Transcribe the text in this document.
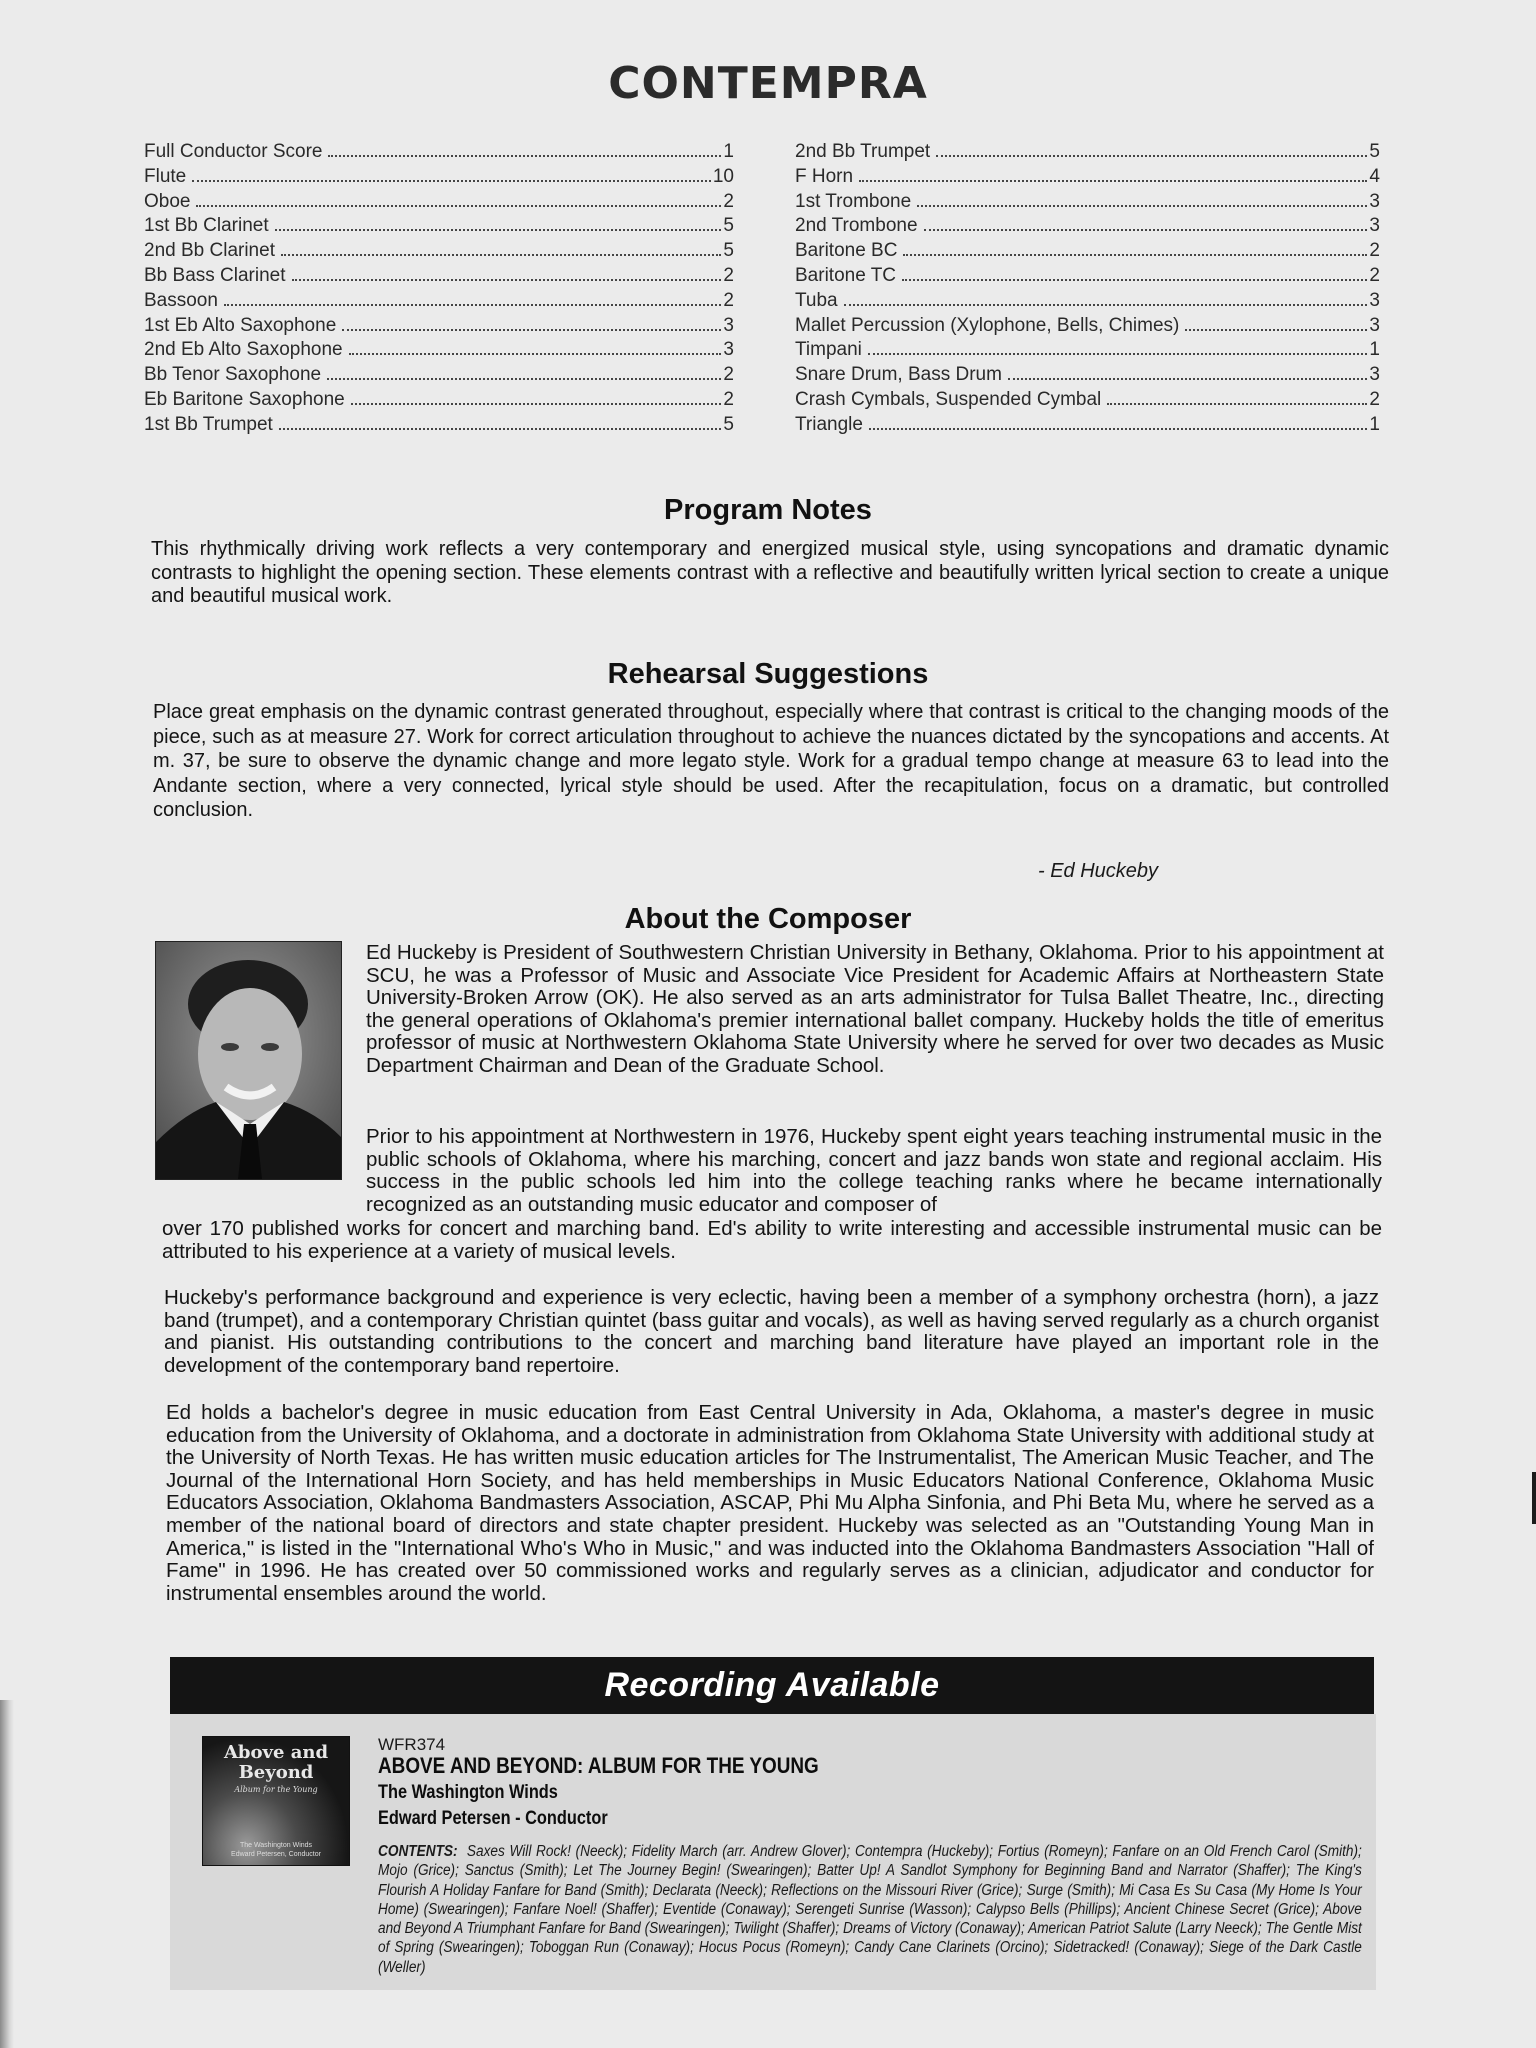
CONTEMPRA
Full Conductor Score	1
Flute	10
Oboe	2
1st Bb Clarinet	5
2nd Bb Clarinet	5
Bb Bass Clarinet	2
Bassoon	2
1st Eb Alto Saxophone	3
2nd Eb Alto Saxophone	3
Bb Tenor Saxophone	2
Eb Baritone Saxophone	2
1st Bb Trumpet	5
2nd Bb Trumpet	5
F Horn	4
1st Trombone	3
2nd Trombone	3
Baritone BC	2
Baritone TC	2
Tuba	3
Mallet Percussion (Xylophone, Bells, Chimes)	3
Timpani	1
Snare Drum, Bass Drum	3
Crash Cymbals, Suspended Cymbal	2
Triangle	1
Program Notes

This rhythmically driving work reflects a very contemporary and energized musical style, using syncopations and dramatic dynamic contrasts to highlight the opening section. These elements contrast with a reflective and beautifully written lyrical section to create a unique and beautiful musical work.

Rehearsal Suggestions

Place great emphasis on the dynamic contrast generated throughout, especially where that contrast is critical to the changing moods of the piece, such as at measure 27. Work for correct articulation throughout to achieve the nuances dictated by the syncopations and accents. At m. 37, be sure to observe the dynamic change and more legato style. Work for a gradual tempo change at measure 63 to lead into the Andante section, where a very connected, lyrical style should be used. After the recapitulation, focus on a dramatic, but controlled conclusion.

- Ed Huckeby
About the Composer

Ed Huckeby is President of Southwestern Christian University in Bethany, Oklahoma. Prior to his appointment at SCU, he was a Professor of Music and Associate Vice President for Academic Affairs at Northeastern State University-Broken Arrow (OK). He also served as an arts administrator for Tulsa Ballet Theatre, Inc., directing the general operations of Oklahoma's premier international ballet company. Huckeby holds the title of emeritus professor of music at Northwestern Oklahoma State University where he served for over two decades as Music Department Chairman and Dean of the Graduate School.

Prior to his appointment at Northwestern in 1976, Huckeby spent eight years teaching instrumental music in the public schools of Oklahoma, where his marching, concert and jazz bands won state and regional acclaim. His success in the public schools led him into the college teaching ranks where he became internationally recognized as an outstanding music educator and composer of

over 170 published works for concert and marching band. Ed's ability to write interesting and accessible instrumental music can be attributed to his experience at a variety of musical levels.

Huckeby's performance background and experience is very eclectic, having been a member of a symphony orchestra (horn), a jazz band (trumpet), and a contemporary Christian quintet (bass guitar and vocals), as well as having served regularly as a church organist and pianist. His outstanding contributions to the concert and marching band literature have played an important role in the development of the contemporary band repertoire.

Ed holds a bachelor's degree in music education from East Central University in Ada, Oklahoma, a master's degree in music education from the University of Oklahoma, and a doctorate in administration from Oklahoma State University with additional study at the University of North Texas. He has written music education articles for The Instrumentalist, The American Music Teacher, and The Journal of the International Horn Society, and has held memberships in Music Educators National Conference, Oklahoma Music Educators Association, Oklahoma Bandmasters Association, ASCAP, Phi Mu Alpha Sinfonia, and Phi Beta Mu, where he served as a member of the national board of directors and state chapter president. Huckeby was selected as an "Outstanding Young Man in America," is listed in the "International Who's Who in Music," and was inducted into the Oklahoma Bandmasters Association "Hall of Fame" in 1996. He has created over 50 commissioned works and regularly serves as a clinician, adjudicator and conductor for instrumental ensembles around the world.

Recording Available
Above and
Beyond
Album for the Young
The Washington Winds
Edward Petersen, Conductor
WFR374
ABOVE AND BEYOND: ALBUM FOR THE YOUNG
The Washington Winds
Edward Petersen - Conductor
CONTENTS: Saxes Will Rock! (Neeck); Fidelity March (arr. Andrew Glover); Contempra (Huckeby); Fortius (Romeyn); Fanfare on an Old French Carol (Smith); Mojo (Grice); Sanctus (Smith); Let The Journey Begin! (Swearingen); Batter Up! A Sandlot Symphony for Beginning Band and Narrator (Shaffer); The King's Flourish A Holiday Fanfare for Band (Smith); Declarata (Neeck); Reflections on the Missouri River (Grice); Surge (Smith); Mi Casa Es Su Casa (My Home Is Your Home) (Swearingen); Fanfare Noel! (Shaffer); Eventide (Conaway); Serengeti Sunrise (Wasson); Calypso Bells (Phillips); Ancient Chinese Secret (Grice); Above and Beyond A Triumphant Fanfare for Band (Swearingen); Twilight (Shaffer); Dreams of Victory (Conaway); American Patriot Salute (Larry Neeck); The Gentle Mist of Spring (Swearingen); Toboggan Run (Conaway); Hocus Pocus (Romeyn); Candy Cane Clarinets (Orcino); Sidetracked! (Conaway); Siege of the Dark Castle (Weller)
